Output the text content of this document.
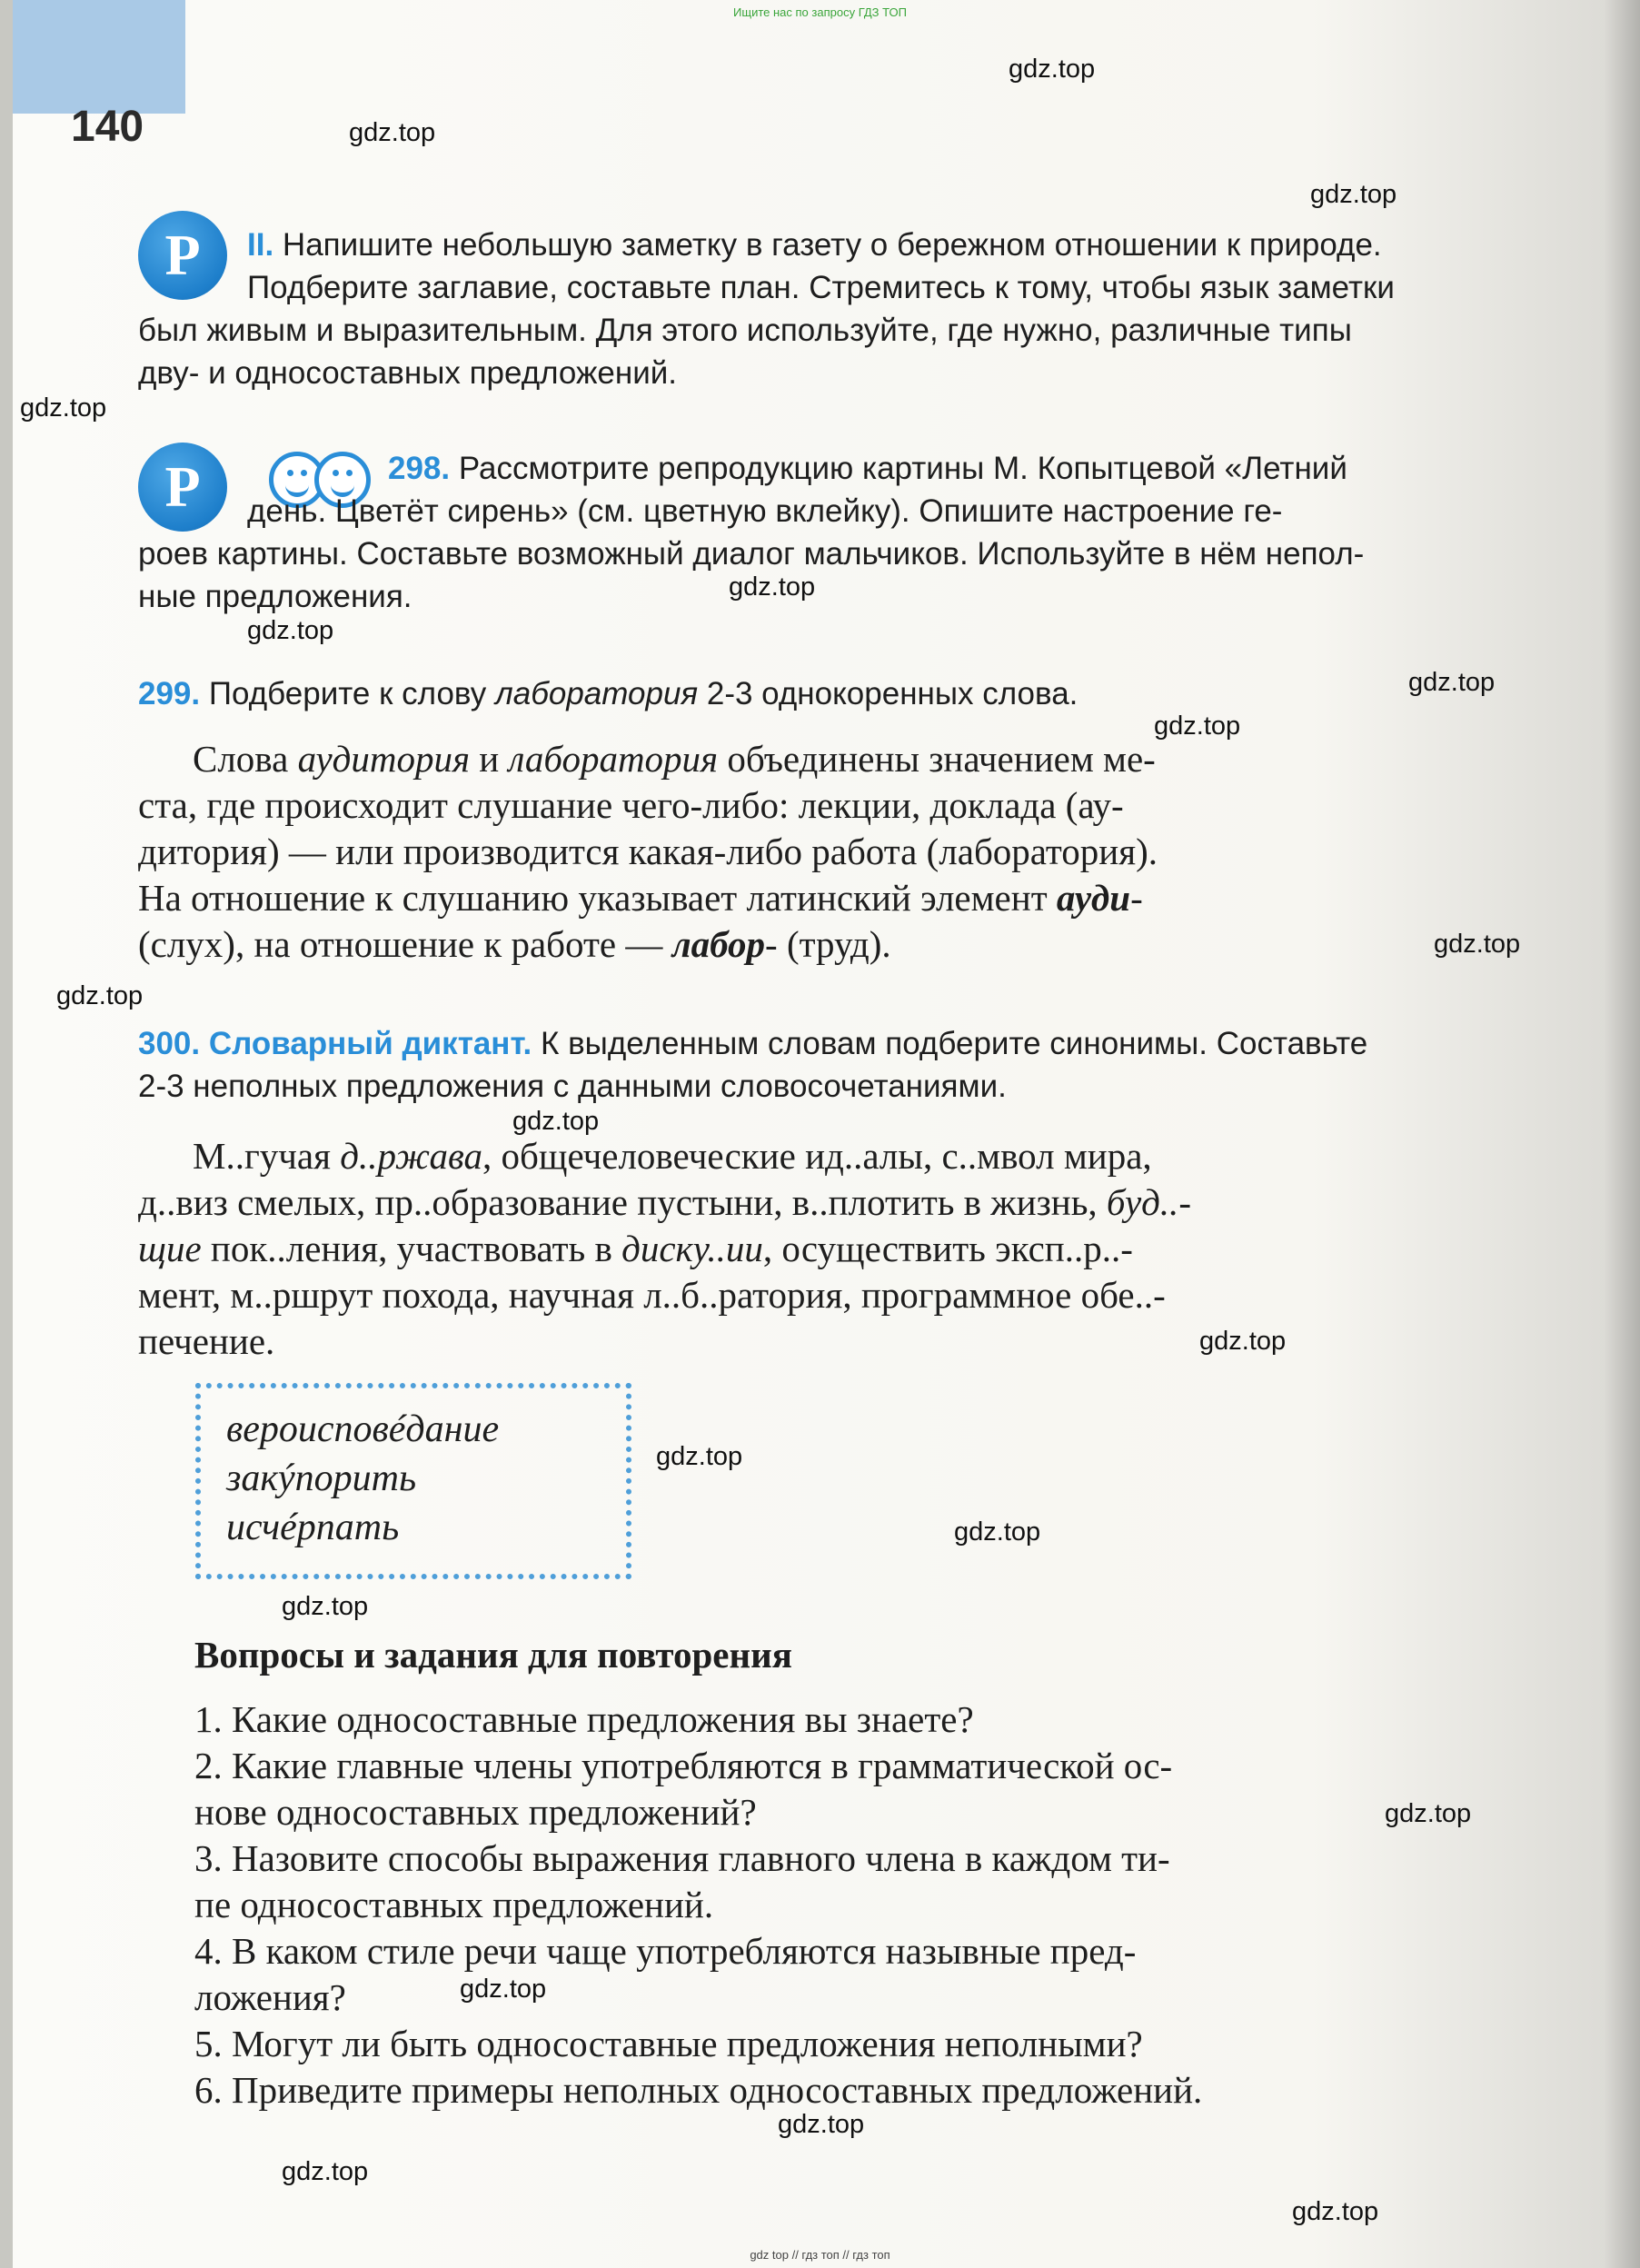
Ищите нас по запросу ГДЗ ТОП
140
Р	II. Напишите небольшую заметку в газету о бережном отношении к природе.
Подберите заглавие, составьте план. Стремитесь к тому, чтобы язык заметки
был живым и выразительным. Для этого используйте, где нужно, различные типы
дву- и односоставных предложений.
Р	298. Рассмотрите репродукцию картины М. Копытцевой «Летний
день. Цветёт сирень» (см. цветную вклейку). Опишите настроение ге-
роев картины. Составьте возможный диалог мальчиков. Используйте в нём непол-
ные предложения.
299. Подберите к слову лаборатория 2-3 однокоренных слова.
Слова аудитория и лаборатория объединены значением ме-
ста, где происходит слушание чего-либо: лекции, доклада (ау-
дитория) — или производится какая-либо работа (лаборатория).
На отношение к слушанию указывает латинский элемент ауди-
(слух), на отношение к работе — лабор- (труд).
300. Словарный диктант. К выделенным словам подберите синонимы. Составьте
2-3 неполных предложения с данными словосочетаниями.
М..гучая д..ржава, общечеловеческие ид..алы, с..мвол мира,
д..виз смелых, пр..образование пустыни, в..плотить в жизнь, буд..-
щие пок..ления, участвовать в диску..ии, осуществить эксп..р..-
мент, м..ршрут похода, научная л..б..ратория, программное обе..-
печение.
вероисповéдание
закýпорить
исчéрпать
Вопросы и задания для повторения
1. Какие односоставные предложения вы знаете?
2. Какие главные члены употребляются в грамматической ос-
нове односоставных предложений?
3. Назовите способы выражения главного члена в каждом ти-
пе односоставных предложений.
4. В каком стиле речи чаще употребляются назывные пред-
ложения?
5. Могут ли быть односоставные предложения неполными?
6. Приведите примеры неполных односоставных предложений.
gdz.top
gdz.top
gdz.top
gdz.top
gdz.top
gdz.top
gdz.top
gdz.top
gdz.top
gdz.top
gdz.top
gdz.top
gdz.top
gdz.top
gdz.top
gdz.top
gdz.top
gdz.top
gdz.top
gdz.top
gdz top // гдз топ // гдз топ
